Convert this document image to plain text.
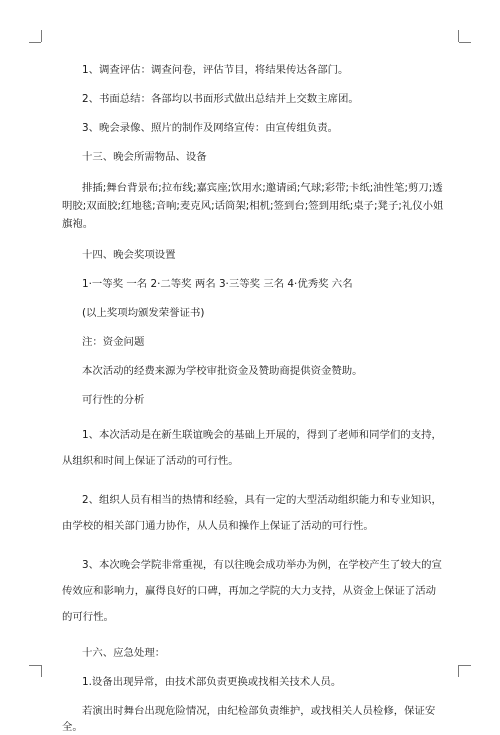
1、调查评估：调查问卷，评估节目，将结果传达各部门。

2、书面总结：各部均以书面形式做出总结并上交数主席团。

3、晚会录像、照片的制作及网络宣传：由宣传组负责。

十三、晚会所需物品、设备

排插;舞台背景布;拉布线;嘉宾座;饮用水;邀请函;气球;彩带;卡纸;油性笔;剪刀;透明胶;双面胶;红地毯;音响;麦克风;话筒架;相机;签到台;签到用纸;桌子;凳子;礼仪小姐旗袍。

十四、晚会奖项设置

1·一等奖 一名 2·二等奖 两名 3·三等奖 三名 4·优秀奖 六名

(以上奖项均颁发荣誉证书)

注：资金问题

本次活动的经费来源为学校审批资金及赞助商提供资金赞助。

可行性的分析

1、本次活动是在新生联谊晚会的基础上开展的，得到了老师和同学们的支持，从组织和时间上保证了活动的可行性。

2、组织人员有相当的热情和经验，具有一定的大型活动组织能力和专业知识，由学校的相关部门通力协作，从人员和操作上保证了活动的可行性。

3、本次晚会学院非常重视，有以往晚会成功举办为例，在学校产生了较大的宣传效应和影响力，赢得良好的口碑，再加之学院的大力支持，从资金上保证了活动的可行性。

十六、应急处理：

1.设备出现异常，由技术部负责更换或找相关技术人员。

若演出时舞台出现危险情况，由纪检部负责维护，或找相关人员检修，保证安全。
